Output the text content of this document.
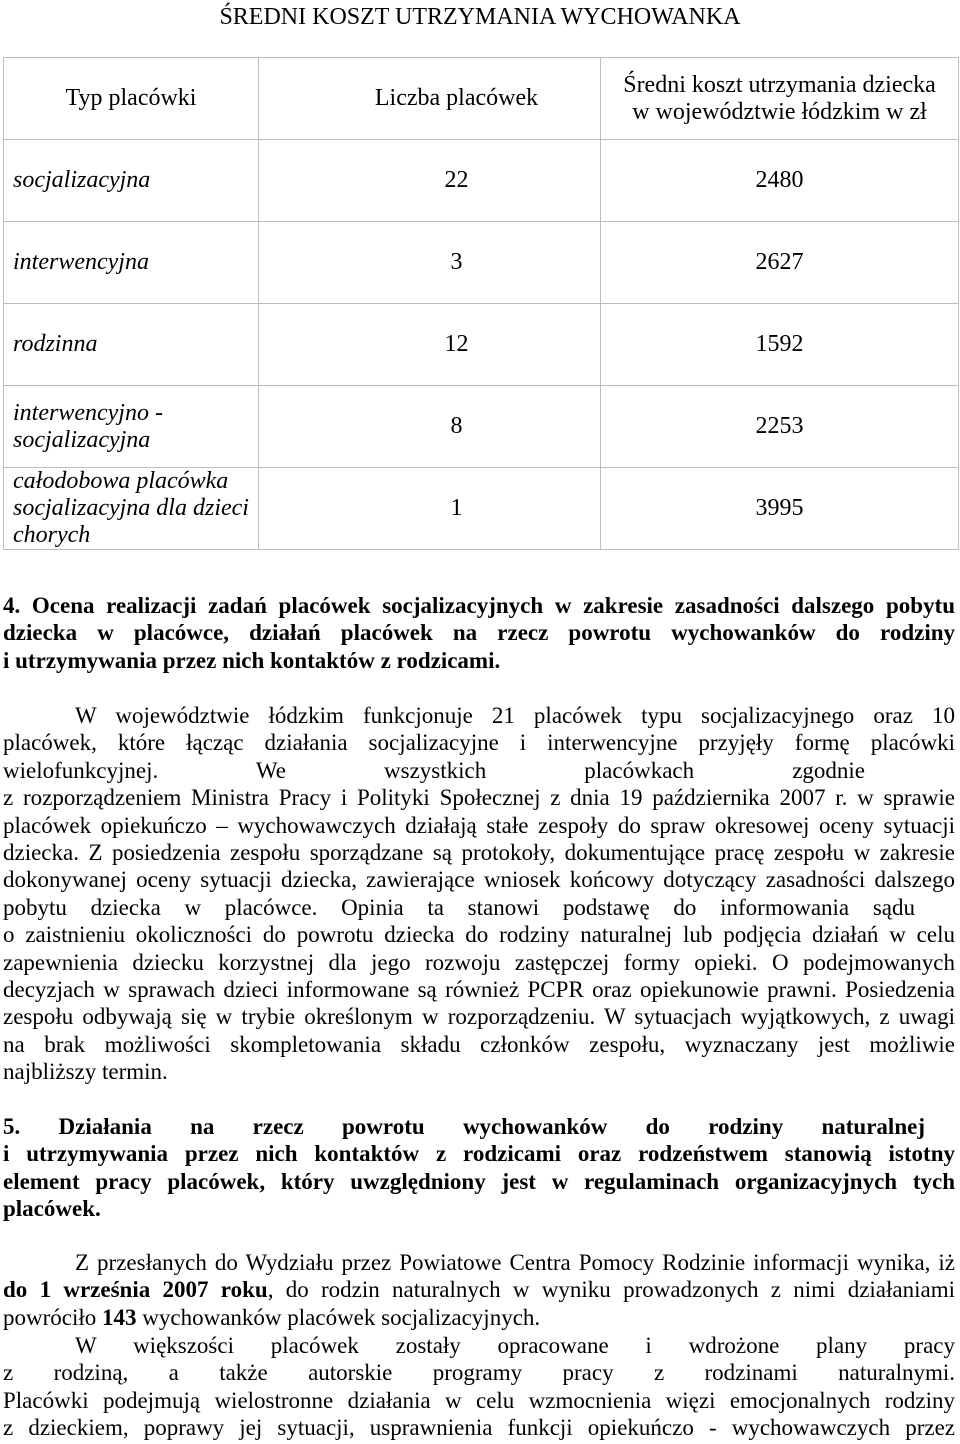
ŚREDNI KOSZT UTRZYMANIA WYCHOWANKA
Typ placówki	Liczba placówek	Średni koszt utrzymania dziecka
w województwie łódzkim w zł

socjalizacyjna	22	2480

interwencyjna	3	2627

rodzinna	12	1592

interwencyjno -
socjalizacyjna	8	2253

całodobowa placówka
socjalizacyjna dla dzieci
chorych	1	3995
4. Ocena realizacji zadań placówek socjalizacyjnych w zakresie zasadności dalszego pobytu
dziecka w placówce, działań placówek na rzecz powrotu wychowanków do rodziny
i utrzymywania przez nich kontaktów z rodzicami.
W województwie łódzkim funkcjonuje 21 placówek typu socjalizacyjnego oraz 10
placówek, które łącząc działania socjalizacyjne i interwencyjne przyjęły formę placówki
wielofunkcyjnej. We wszystkich placówkach zgodnie
z rozporządzeniem Ministra Pracy i Polityki Społecznej z dnia 19 października 2007 r. w sprawie
placówek opiekuńczo – wychowawczych działają stałe zespoły do spraw okresowej oceny sytuacji
dziecka. Z posiedzenia zespołu sporządzane są protokoły, dokumentujące pracę zespołu w zakresie
dokonywanej oceny sytuacji dziecka, zawierające wniosek końcowy dotyczący zasadności dalszego
pobytu dziecka w placówce. Opinia ta stanowi podstawę do informowania sądu
o zaistnieniu okoliczności do powrotu dziecka do rodziny naturalnej lub podjęcia działań w celu
zapewnienia dziecku korzystnej dla jego rozwoju zastępczej formy opieki. O podejmowanych
decyzjach w sprawach dzieci informowane są również PCPR oraz opiekunowie prawni. Posiedzenia
zespołu odbywają się w trybie określonym w rozporządzeniu. W sytuacjach wyjątkowych, z uwagi
na brak możliwości skompletowania składu członków zespołu, wyznaczany jest możliwie
najbliższy termin.
5. Działania na rzecz powrotu wychowanków do rodziny naturalnej
i utrzymywania przez nich kontaktów z rodzicami oraz rodzeństwem stanowią istotny
element pracy placówek, który uwzględniony jest w regulaminach organizacyjnych tych
placówek.
Z przesłanych do Wydziału przez Powiatowe Centra Pomocy Rodzinie informacji wynika, iż
do 1 września 2007 roku, do rodzin naturalnych w wyniku prowadzonych z nimi działaniami
powróciło 143 wychowanków placówek socjalizacyjnych.
W większości placówek zostały opracowane i wdrożone plany pracy
z rodziną, a także autorskie programy pracy z rodzinami naturalnymi.
Placówki podejmują wielostronne działania w celu wzmocnienia więzi emocjonalnych rodziny
z dzieckiem, poprawy jej sytuacji, usprawnienia funkcji opiekuńczo - wychowawczych przez
